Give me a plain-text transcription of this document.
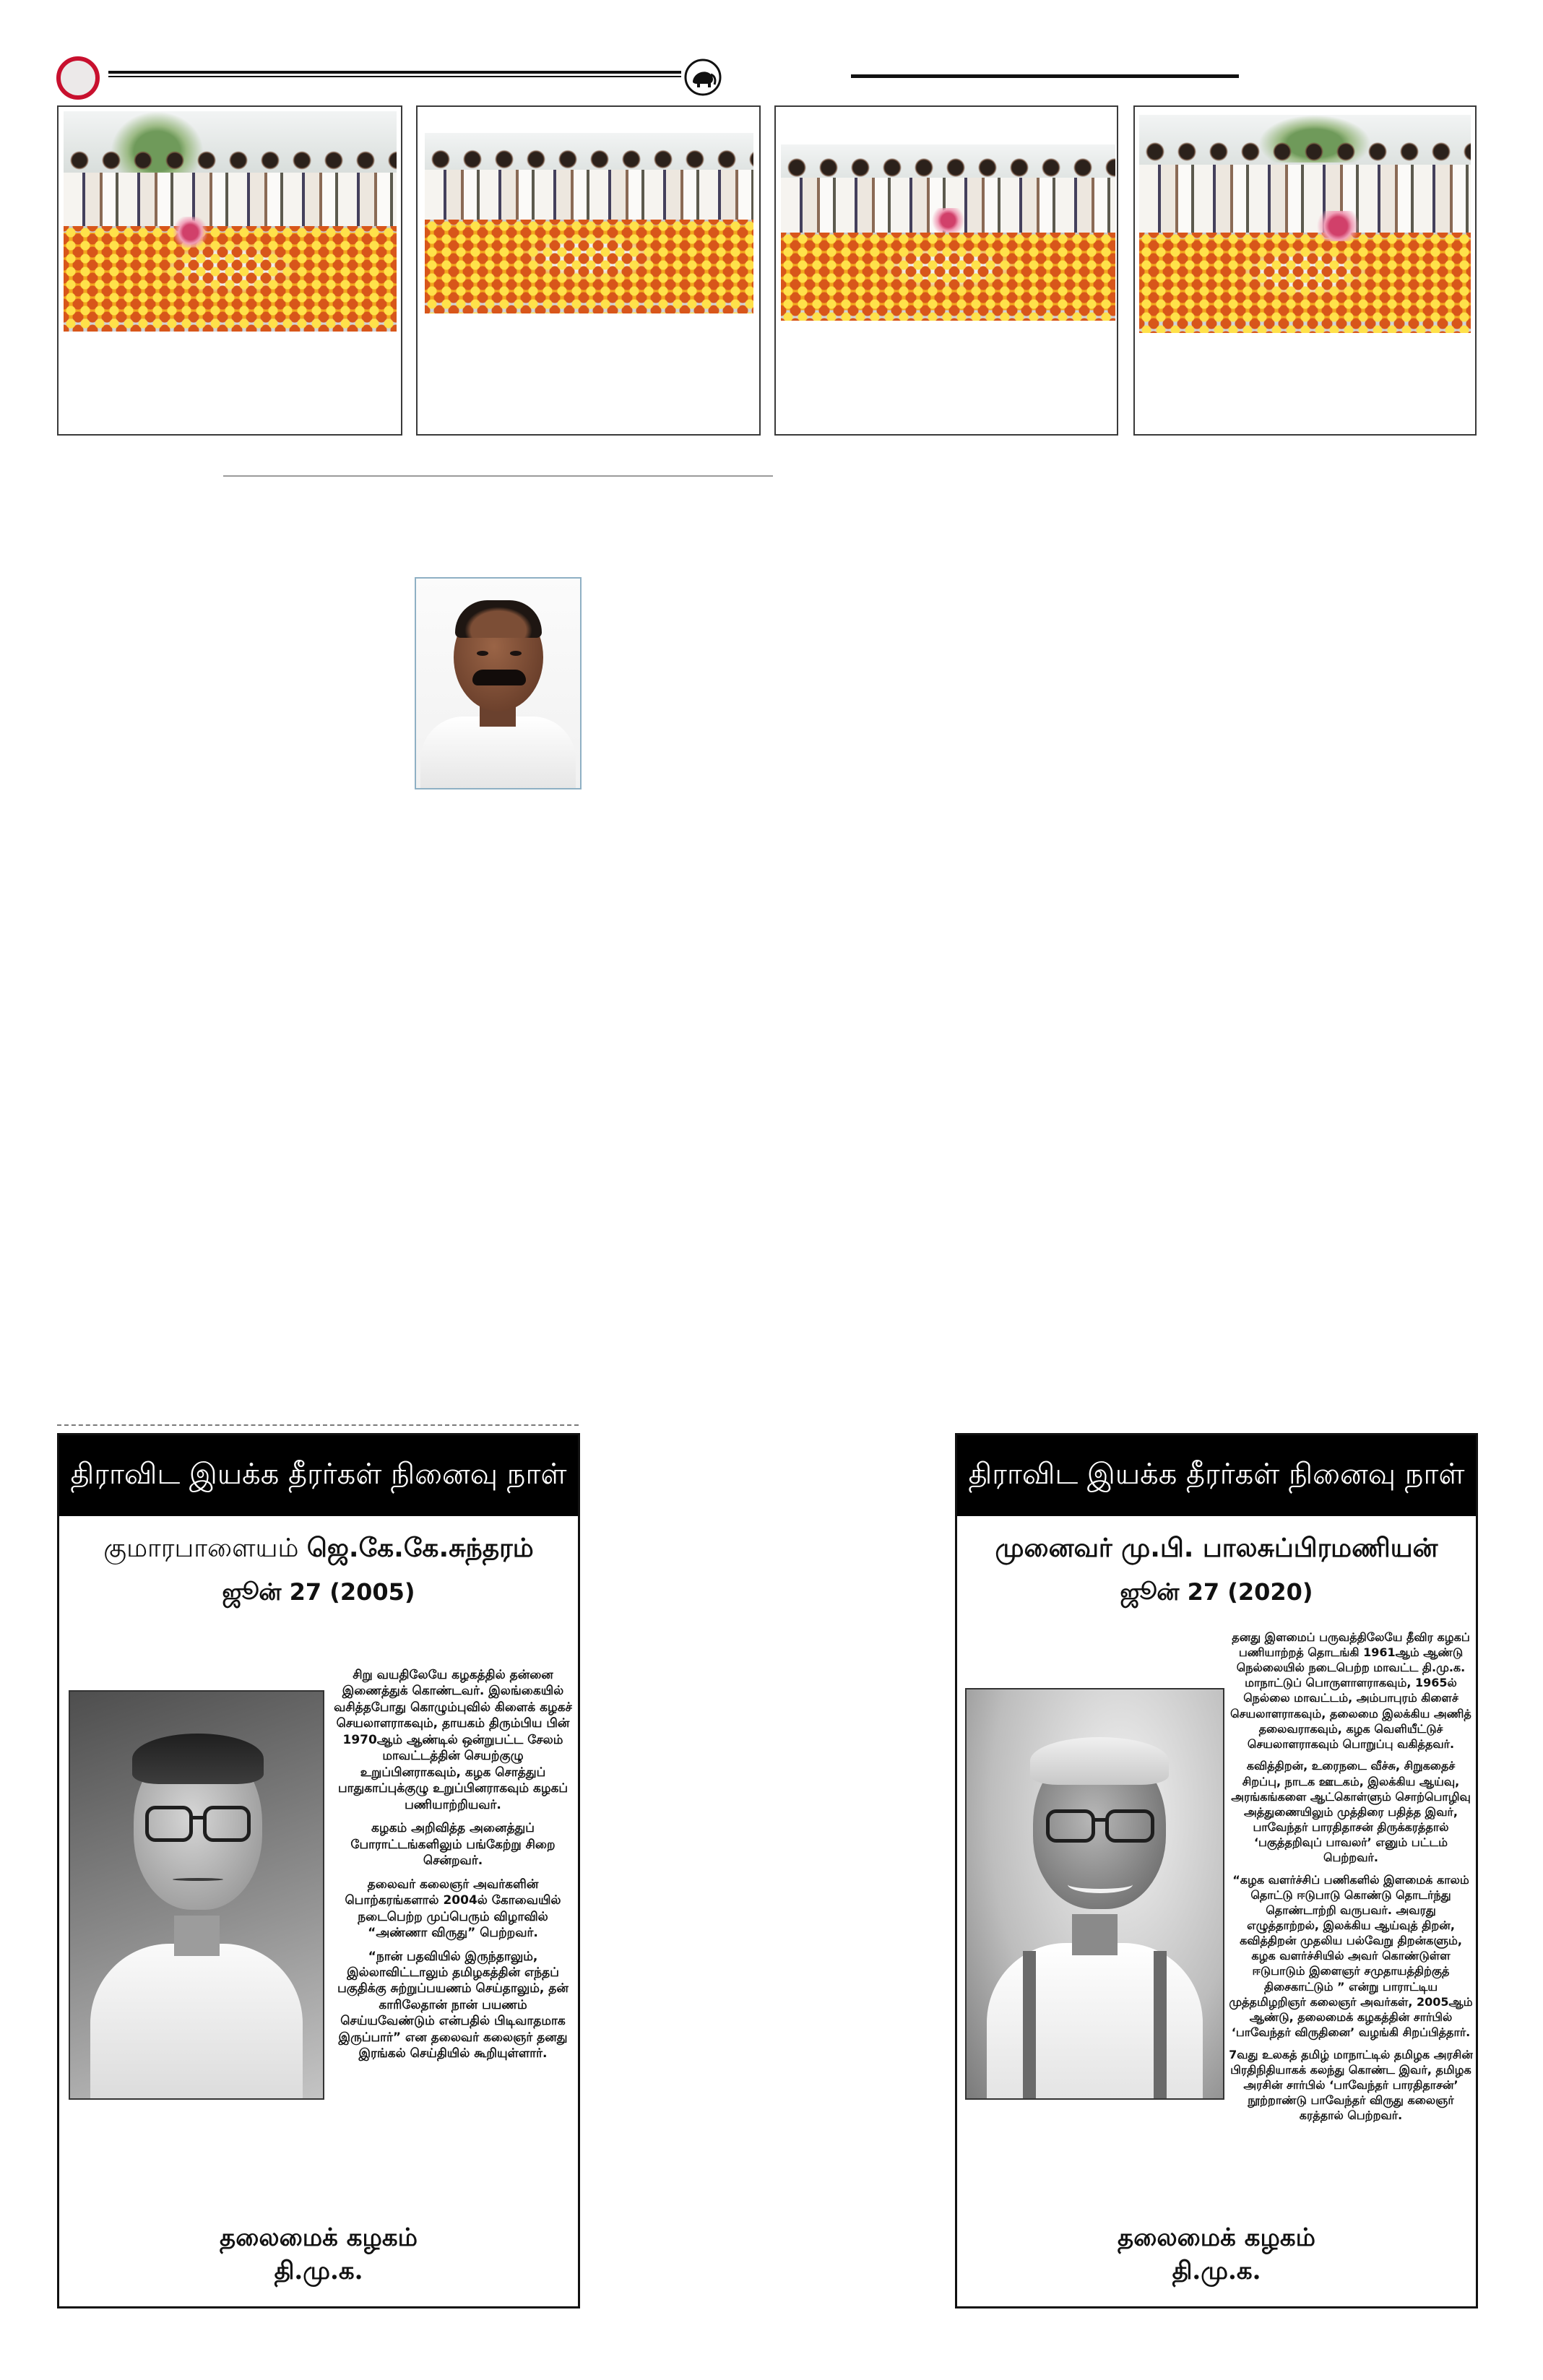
திராவிட இயக்க தீரர்கள் நினைவு நாள்
குமாரபாளையம் ஜெ.கே.கே.சுந்தரம்
ஜூன் 27 (2005)

சிறு வயதிலேயே கழகத்தில் தன்னை இணைத்துக் கொண்டவர். இலங்கையில் வசித்தபோது கொழும்புவில் கிளைக் கழகச் செயலாளராகவும், தாயகம் திரும்பிய பின் 1970ஆம் ஆண்டில் ஒன்றுபட்ட சேலம் மாவட்டத்தின் செயற்குழு உறுப்பினராகவும், கழக சொத்துப் பாதுகாப்புக்குழு உறுப்பினராகவும் கழகப் பணியாற்றியவர்.

கழகம் அறிவித்த அனைத்துப் போராட்டங்களிலும் பங்கேற்று சிறை சென்றவர்.

தலைவர் கலைஞர் அவர்களின் பொற்கரங்களால் 2004ல் கோவையில் நடைபெற்ற முப்பெரும் விழாவில் “அண்ணா விருது” பெற்றவர்.

“நான் பதவியில் இருந்தாலும், இல்லாவிட்டாலும் தமிழகத்தின் எந்தப் பகுதிக்கு சுற்றுப்பயணம் செய்தாலும், தன் காரிலேதான் நான் பயணம் செய்யவேண்டும் என்பதில் பிடிவாதமாக இருப்பார்” என தலைவர் கலைஞர் தனது இரங்கல் செய்தியில் கூறியுள்ளார்.

தலைமைக் கழகம்
தி.மு.க.
திராவிட இயக்க தீரர்கள் நினைவு நாள்
முனைவர் மு.பி. பாலசுப்பிரமணியன்
ஜூன் 27 (2020)

தனது இளமைப் பருவத்திலேயே தீவிர கழகப் பணியாற்றத் தொடங்கி 1961ஆம் ஆண்டு நெல்லையில் நடைபெற்ற மாவட்ட தி.மு.க. மாநாட்டுப் பொருளாளராகவும், 1965ல் நெல்லை மாவட்டம், அம்பாபுரம் கிளைச் செயலாளராகவும், தலைமை இலக்கிய அணித் தலைவராகவும், கழக வெளியீட்டுச் செயலாளராகவும் பொறுப்பு வகித்தவர்.

கவித்திறன், உரைநடை வீச்சு, சிறுகதைச் சிறப்பு, நாடக ஊடகம், இலக்கிய ஆய்வு, அரங்கங்களை ஆட்கொள்ளும் சொற்பொழிவு அத்துணையிலும் முத்திரை பதித்த இவர், பாவேந்தர் பாரதிதாசன் திருக்கரத்தால் ‘பகுத்தறிவுப் பாவலர்’ எனும் பட்டம் பெற்றவர்.

“கழக வளர்ச்சிப் பணிகளில் இளமைக் காலம் தொட்டு ஈடுபாடு கொண்டு தொடர்ந்து தொண்டாற்றி வருபவர். அவரது எழுத்தாற்றல், இலக்கிய ஆய்வுத் திறன், கவித்திறன் முதலிய பல்வேறு திறன்களும், கழக வளர்ச்சியில் அவர் கொண்டுள்ள ஈடுபாடும் இளைஞர் சமுதாயத்திற்குத் திசைகாட்டும் ” என்று பாராட்டிய முத்தமிழறிஞர் கலைஞர் அவர்கள், 2005ஆம் ஆண்டு, தலைமைக் கழகத்தின் சார்பில் ‘பாவேந்தர் விருதினை’ வழங்கி சிறப்பித்தார்.

7வது உலகத் தமிழ் மாநாட்டில் தமிழக அரசின் பிரதிநிதியாகக் கலந்து கொண்ட இவர், தமிழக அரசின் சார்பில் ‘பாவேந்தர் பாரதிதாசன்’ நூற்றாண்டு பாவேந்தர் விருது கலைஞர் கரத்தால் பெற்றவர்.

தலைமைக் கழகம்
தி.மு.க.
